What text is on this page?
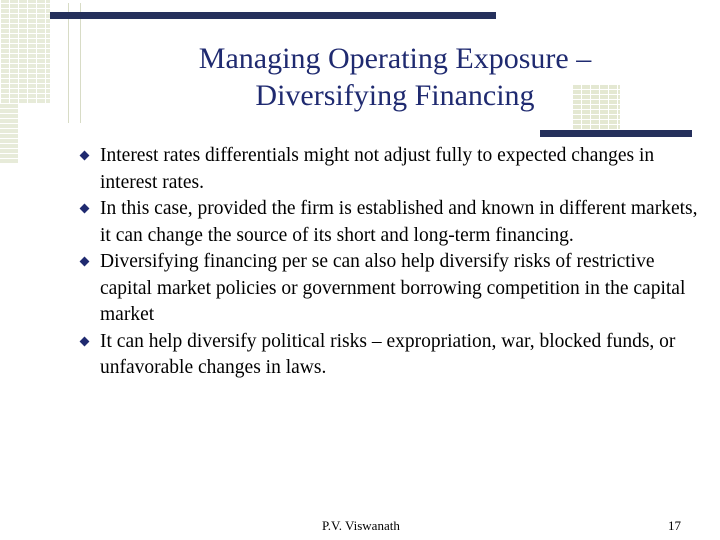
Managing Operating Exposure –
Diversifying Financing
Interest rates differentials might not adjust fully to expected changes in interest rates.
In this case, provided the firm is established and known in different markets, it can change the source of its short and long-term financing.
Diversifying financing per se can also help diversify risks of restrictive capital market policies or government borrowing competition in the capital market
It can help diversify political risks – expropriation, war, blocked funds, or unfavorable changes in laws.
P.V. Viswanath	17
